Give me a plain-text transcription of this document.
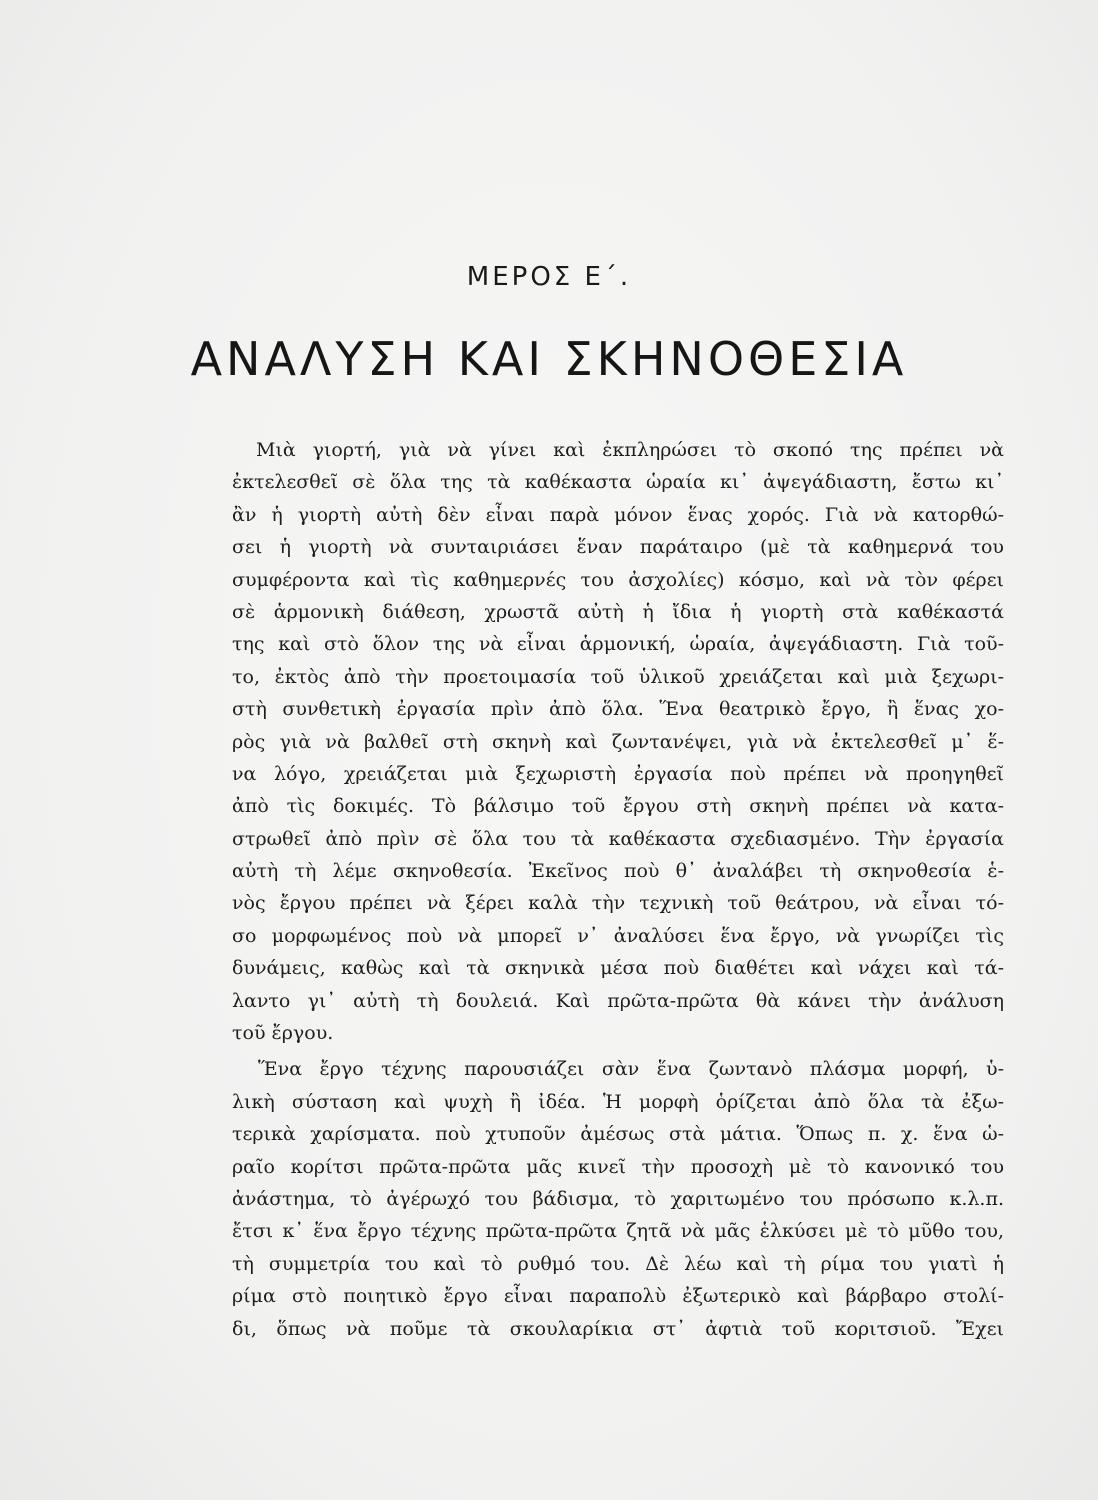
ΜΕΡΟΣ Ε΄.
ΑΝΑΛΥΣΗ ΚΑΙ ΣΚΗΝΟΘΕΣΙΑ
Μιὰ γιορτή, γιὰ νὰ γίνει καὶ ἐκπληρώσει τὸ σκοπό της πρέπει νὰ
ἐκτελεσθεῖ σὲ ὅλα της τὰ καθέκαστα ὡραία κι᾽ ἀψεγάδιαστη, ἔστω κι᾽
ἂν ἡ γιορτὴ αὐτὴ δὲν εἶναι παρὰ μόνον ἕνας χορός. Γιὰ νὰ κατορθώ-
σει ἡ γιορτὴ νὰ συνταιριάσει ἕναν παράταιρο (μὲ τὰ καθημερνά του
συμφέροντα καὶ τὶς καθημερνές του ἀσχολίες) κόσμο, καὶ νὰ τὸν φέρει
σὲ ἁρμονικὴ διάθεση, χρωστᾶ αὐτὴ ἡ ἴδια ἡ γιορτὴ στὰ καθέκαστά
της καὶ στὸ ὅλον της νὰ εἶναι ἁρμονική, ὡραία, ἀψεγάδιαστη. Γιὰ τοῦ-
το, ἐκτὸς ἀπὸ τὴν προετοιμασία τοῦ ὑλικοῦ χρειάζεται καὶ μιὰ ξεχωρι-
στὴ συνθετικὴ ἐργασία πρὶν ἀπὸ ὅλα. Ἕνα θεατρικὸ ἔργο, ἢ ἕνας χο-
ρὸς γιὰ νὰ βαλθεῖ στὴ σκηνὴ καὶ ζωντανέψει, γιὰ νὰ ἐκτελεσθεῖ μ᾽ ἕ-
να λόγο, χρειάζεται μιὰ ξεχωριστὴ ἐργασία ποὺ πρέπει νὰ προηγηθεῖ
ἀπὸ τὶς δοκιμές. Τὸ βάλσιμο τοῦ ἔργου στὴ σκηνὴ πρέπει νὰ κατα-
στρωθεῖ ἀπὸ πρὶν σὲ ὅλα του τὰ καθέκαστα σχεδιασμένο. Τὴν ἐργασία
αὐτὴ τὴ λέμε σκηνοθεσία. Ἐκεῖνος ποὺ θ᾽ ἀναλάβει τὴ σκηνοθεσία ἑ-
νὸς ἔργου πρέπει νὰ ξέρει καλὰ τὴν τεχνικὴ τοῦ θεάτρου, νὰ εἶναι τό-
σο μορφωμένος ποὺ νὰ μπορεῖ ν᾽ ἀναλύσει ἕνα ἔργο, νὰ γνωρίζει τὶς
δυνάμεις, καθὼς καὶ τὰ σκηνικὰ μέσα ποὺ διαθέτει καὶ νάχει καὶ τά-
λαντο γι᾽ αὐτὴ τὴ δουλειά. Καὶ πρῶτα-πρῶτα θὰ κάνει τὴν ἀνάλυση
τοῦ ἔργου.
Ἕνα ἔργο τέχνης παρουσιάζει σὰν ἕνα ζωντανὸ πλάσμα μορφή, ὑ-
λικὴ σύσταση καὶ ψυχὴ ἢ ἰδέα. Ἡ μορφὴ ὁρίζεται ἀπὸ ὅλα τὰ ἐξω-
τερικὰ χαρίσματα. ποὺ χτυποῦν ἀμέσως στὰ μάτια. Ὅπως π. χ. ἕνα ὡ-
ραῖο κορίτσι πρῶτα-πρῶτα μᾶς κινεῖ τὴν προσοχὴ μὲ τὸ κανονικό του
ἀνάστημα, τὸ ἀγέρωχό του βάδισμα, τὸ χαριτωμένο του πρόσωπο κ.λ.π.
ἔτσι κ᾽ ἕνα ἔργο τέχνης πρῶτα-πρῶτα ζητᾶ νὰ μᾶς ἑλκύσει μὲ τὸ μῦθο του,
τὴ συμμετρία του καὶ τὸ ρυθμό του. Δὲ λέω καὶ τὴ ρίμα του γιατὶ ἡ
ρίμα στὸ ποιητικὸ ἔργο εἶναι παραπολὺ ἐξωτερικὸ καὶ βάρβαρο στολί-
δι, ὅπως νὰ ποῦμε τὰ σκουλαρίκια στ᾽ ἀφτιὰ τοῦ κοριτσιοῦ. Ἔχει
